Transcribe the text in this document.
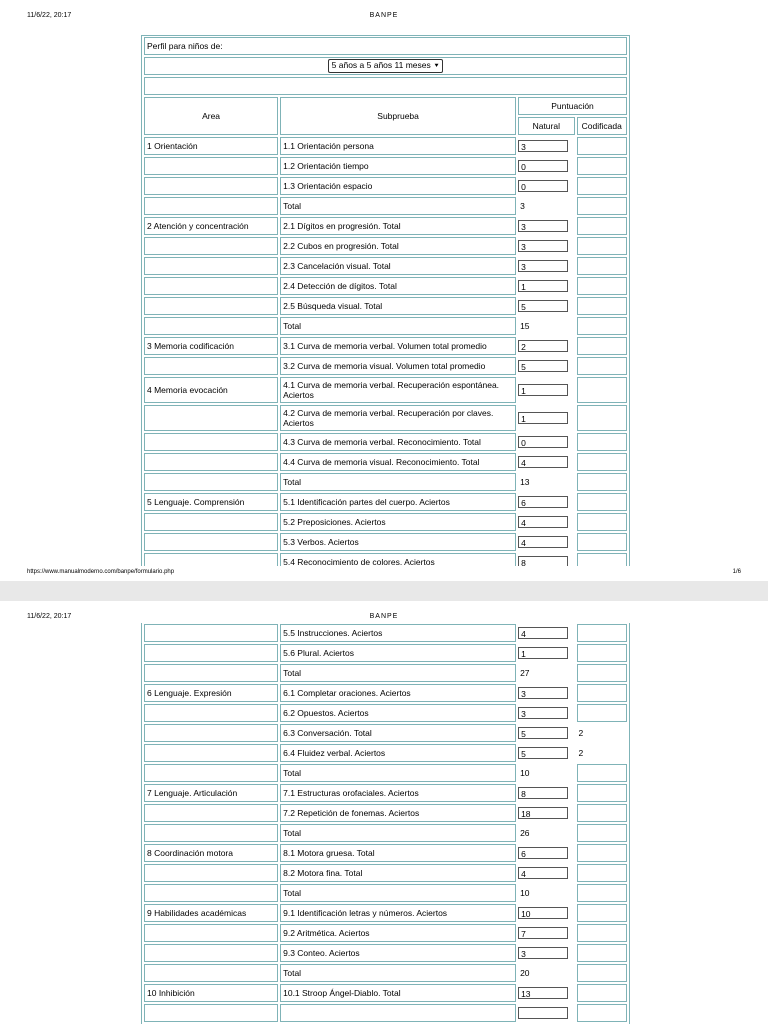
11/6/22, 20:17	BANPE
Perfil para niños de:			
5 años a 5 años 11 meses ⯆			

Area	Subprueba	Puntuación	
		Natural	Codificada
1 Orientación	1.1 Orientación persona	3	

	1.2 Orientación tiempo	0	

	1.3 Orientación espacio	0	

	Total	3	
2 Atención y concentración	2.1 Dígitos en progresión. Total	3	

	2.2 Cubos en progresión. Total	3	

	2.3 Cancelación visual. Total	3	

	2.4 Detección de dígitos. Total	1	

	2.5 Búsqueda visual. Total	5	

	Total	15	
3 Memoria codificación	3.1 Curva de memoria verbal. Volumen total promedio	2	

	3.2 Curva de memoria visual. Volumen total promedio	5	

4 Memoria evocación	4.1 Curva de memoria verbal. Recuperación espontánea. Aciertos	1	

	4.2 Curva de memoria verbal. Recuperación por claves. Aciertos	1	

	4.3 Curva de memoria verbal. Reconocimiento. Total	0	

	4.4 Curva de memoria visual. Reconocimiento. Total	4	

	Total	13	
5 Lenguaje. Comprensión	5.1 Identificación partes del cuerpo. Aciertos	6	

	5.2 Preposiciones. Aciertos	4	

	5.3 Verbos. Aciertos	4	

	5.4 Reconocimiento de colores. Aciertos	8	

https://www.manualmoderno.com/banpe/formulario.php	1/6
11/6/22, 20:17	BANPE
	5.5 Instrucciones. Aciertos	4	

	5.6 Plural. Aciertos	1	

	Total	27	
6 Lenguaje. Expresión	6.1 Completar oraciones. Aciertos	3	

	6.2 Opuestos. Aciertos	3	

	6.3 Conversación. Total	5	2
	6.4 Fluidez verbal. Aciertos	5	2
	Total	10	
7 Lenguaje. Articulación	7.1 Estructuras orofaciales. Aciertos	8	

	7.2 Repetición de fonemas. Aciertos	18	

	Total	26	
8 Coordinación motora	8.1 Motora gruesa. Total	6	

	8.2 Motora fina. Total	4	

	Total	10	
9 Habilidades académicas	9.1 Identificación letras y números. Aciertos	10	

	9.2 Aritmética. Aciertos	7	

	9.3 Conteo. Aciertos	3	

	Total	20	
10 Inhibición	10.1 Stroop Ángel-Diablo. Total	13	
